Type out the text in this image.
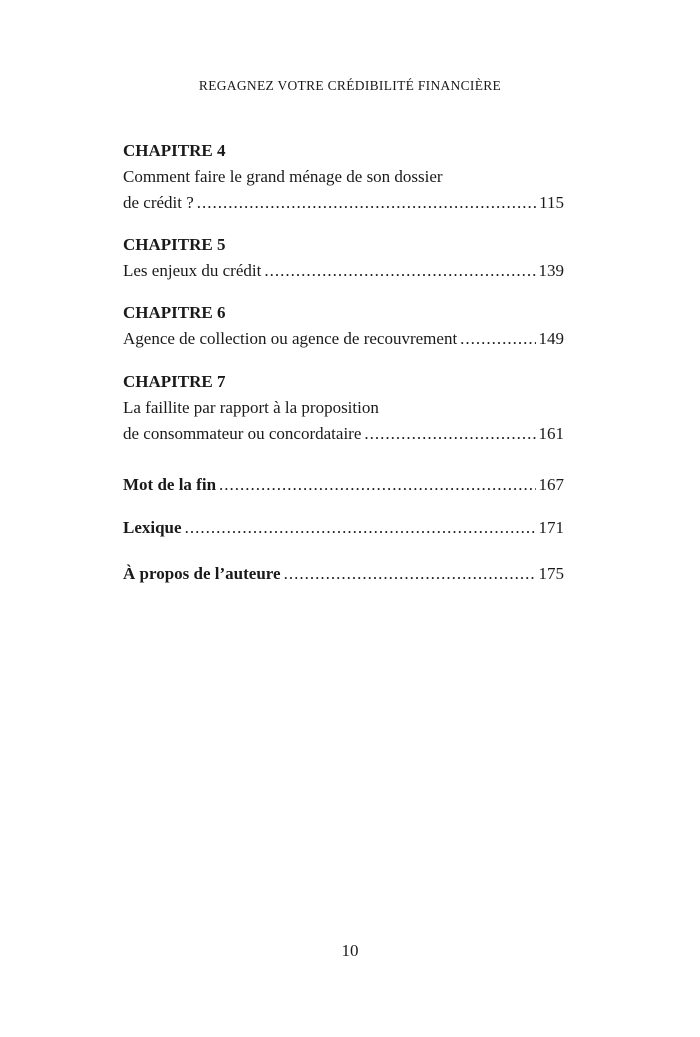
REGAGNEZ VOTRE CRÉDIBILITÉ FINANCIÈRE
CHAPITRE 4
Comment faire le grand ménage de son dossier
de crédit ? .....	115
CHAPITRE 5
Les enjeux du crédit .....	139
CHAPITRE 6
Agence de collection ou agence de recouvrement .....	149
CHAPITRE 7
La faillite par rapport à la proposition
de consommateur ou concordataire .....	161
Mot de la fin .....	167
Lexique .....	171
À propos de l’auteure .....	175
10
